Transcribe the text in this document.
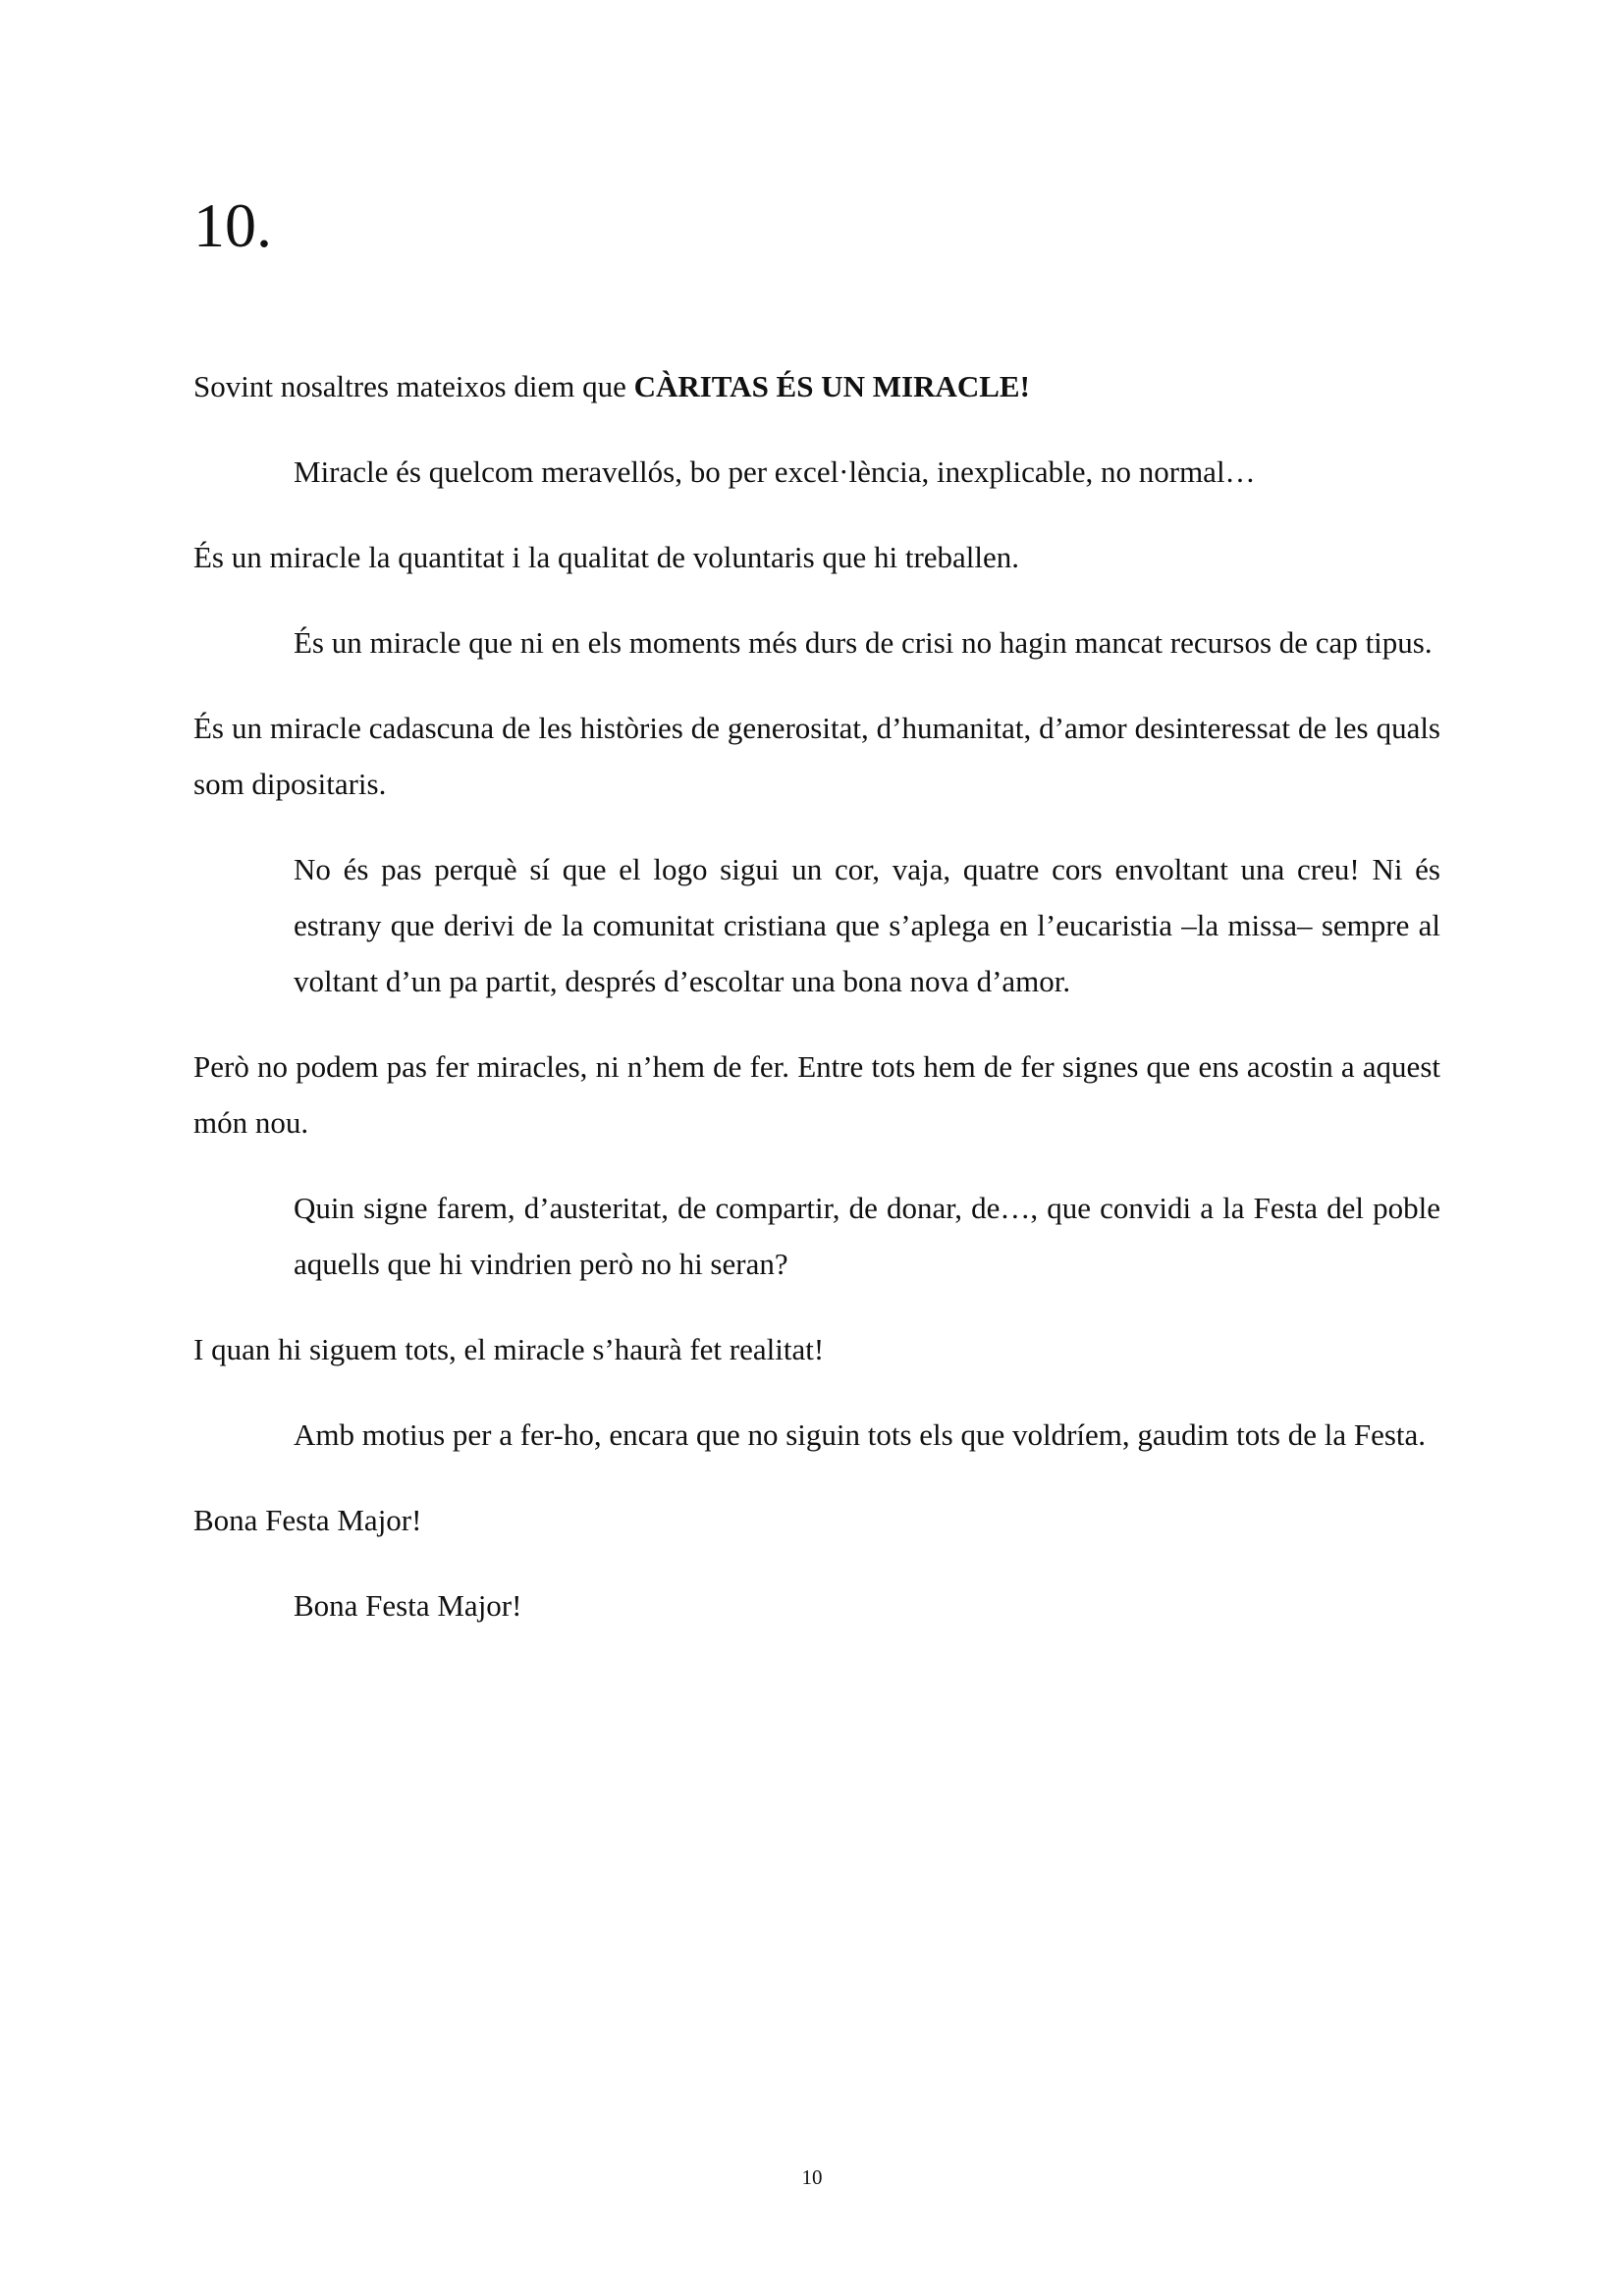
10.

Sovint nosaltres mateixos diem que CÀRITAS ÉS UN MIRACLE!

Miracle és quelcom meravellós, bo per excel·lència, inexplicable, no normal…

És un miracle la quantitat i la qualitat de voluntaris que hi treballen.

És un miracle que ni en els moments més durs de crisi no hagin mancat recursos de cap tipus.

És un miracle cadascuna de les històries de generositat, d’humanitat, d’amor desinteressat de les quals som dipositaris.

No és pas perquè sí que el logo sigui un cor, vaja, quatre cors envoltant una creu! Ni és estrany que derivi de la comunitat cristiana que s’aplega en l’eucaristia –la missa– sempre al voltant d’un pa partit, després d’escoltar una bona nova d’amor.

Però no podem pas fer miracles, ni n’hem de fer. Entre tots hem de fer signes que ens acostin a aquest món nou.

Quin signe farem, d’austeritat, de compartir, de donar, de…, que convidi a la Festa del poble aquells que hi vindrien però no hi seran?

I quan hi siguem tots, el miracle s’haurà fet realitat!

Amb motius per a fer-ho, encara que no siguin tots els que voldríem, gaudim tots de la Festa.

Bona Festa Major!

Bona Festa Major!

10
